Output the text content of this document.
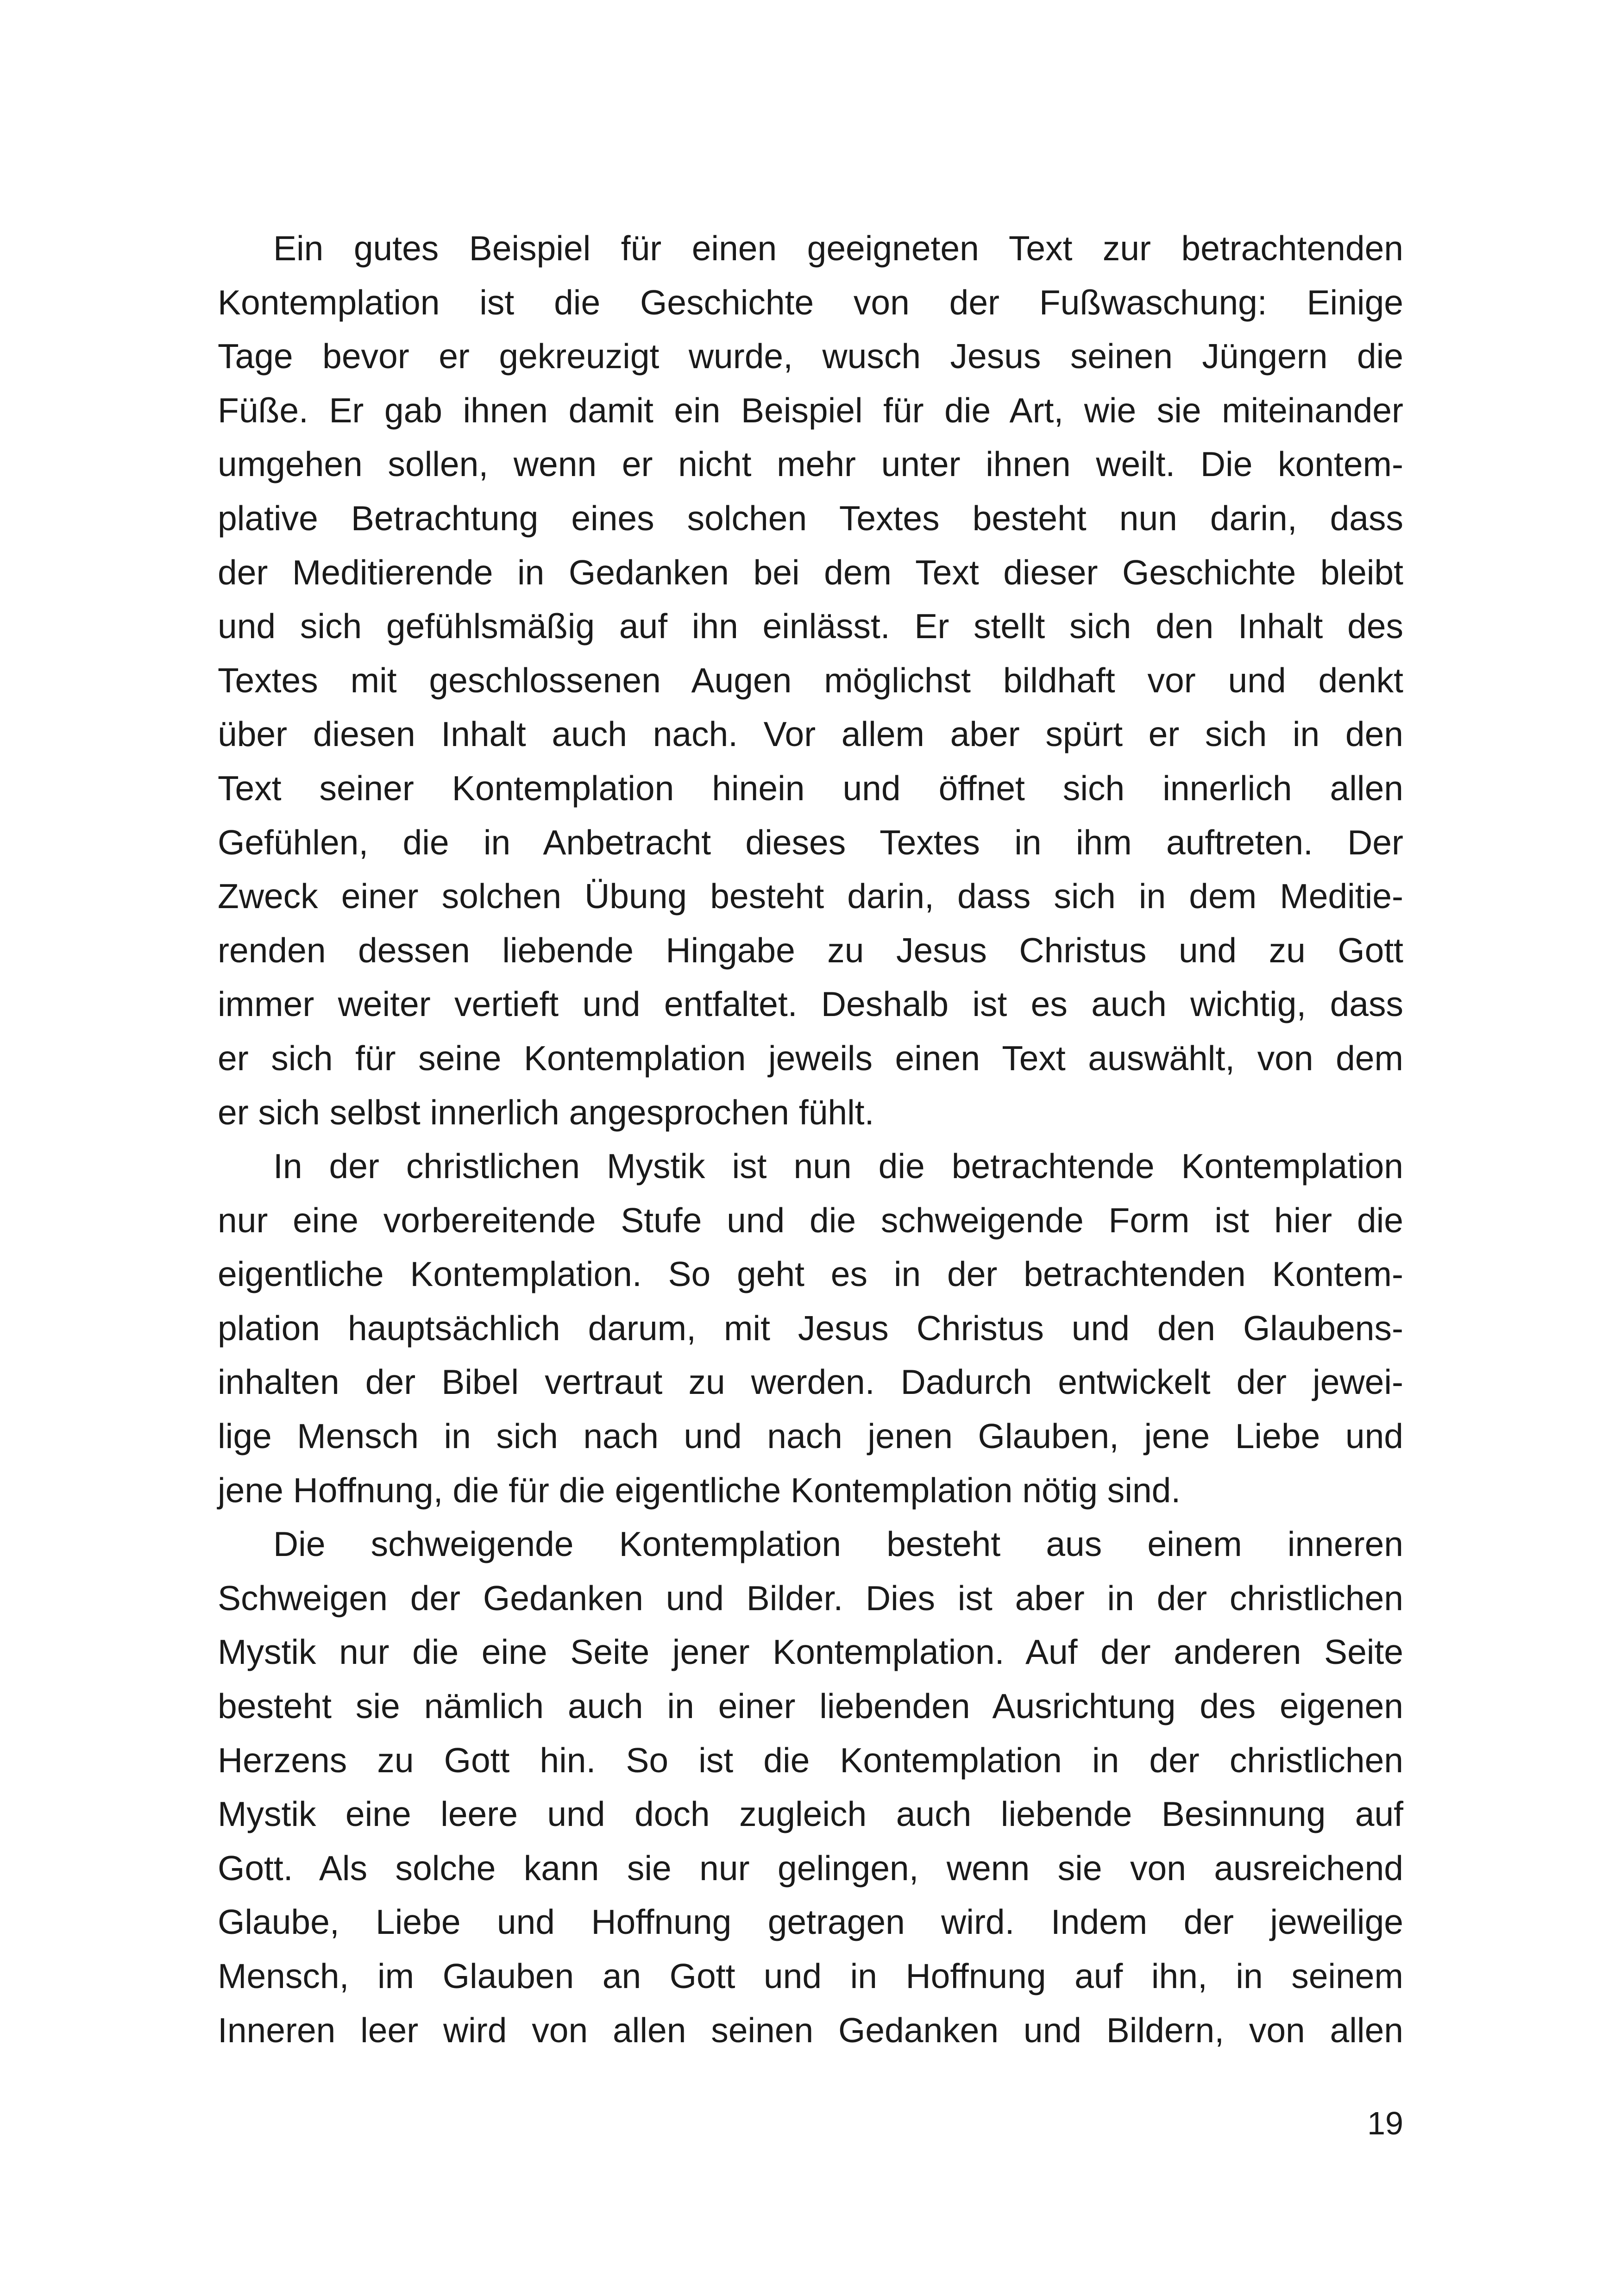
Ein gutes Beispiel für einen geeigneten Text zur betrachtenden
Kontemplation ist die Geschichte von der Fußwaschung: Einige
Tage bevor er gekreuzigt wurde, wusch Jesus seinen Jüngern die
Füße. Er gab ihnen damit ein Beispiel für die Art, wie sie miteinander
umgehen sollen, wenn er nicht mehr unter ihnen weilt. Die kontem-
plative Betrachtung eines solchen Textes besteht nun darin, dass
der Meditierende in Gedanken bei dem Text dieser Geschichte bleibt
und sich gefühlsmäßig auf ihn einlässt. Er stellt sich den Inhalt des
Textes mit geschlossenen Augen möglichst bildhaft vor und denkt
über diesen Inhalt auch nach. Vor allem aber spürt er sich in den
Text seiner Kontemplation hinein und öffnet sich innerlich allen
Gefühlen, die in Anbetracht dieses Textes in ihm auftreten. Der
Zweck einer solchen Übung besteht darin, dass sich in dem Meditie-
renden dessen liebende Hingabe zu Jesus Christus und zu Gott
immer weiter vertieft und entfaltet. Deshalb ist es auch wichtig, dass
er sich für seine Kontemplation jeweils einen Text auswählt, von dem
er sich selbst innerlich angesprochen fühlt.
In der christlichen Mystik ist nun die betrachtende Kontemplation
nur eine vorbereitende Stufe und die schweigende Form ist hier die
eigentliche Kontemplation. So geht es in der betrachtenden Kontem-
plation hauptsächlich darum, mit Jesus Christus und den Glaubens-
inhalten der Bibel vertraut zu werden. Dadurch entwickelt der jewei-
lige Mensch in sich nach und nach jenen Glauben, jene Liebe und
jene Hoffnung, die für die eigentliche Kontemplation nötig sind.
Die schweigende Kontemplation besteht aus einem inneren
Schweigen der Gedanken und Bilder. Dies ist aber in der christlichen
Mystik nur die eine Seite jener Kontemplation. Auf der anderen Seite
besteht sie nämlich auch in einer liebenden Ausrichtung des eigenen
Herzens zu Gott hin. So ist die Kontemplation in der christlichen
Mystik eine leere und doch zugleich auch liebende Besinnung auf
Gott. Als solche kann sie nur gelingen, wenn sie von ausreichend
Glaube, Liebe und Hoffnung getragen wird. Indem der jeweilige
Mensch, im Glauben an Gott und in Hoffnung auf ihn, in seinem
Inneren leer wird von allen seinen Gedanken und Bildern, von allen
19
